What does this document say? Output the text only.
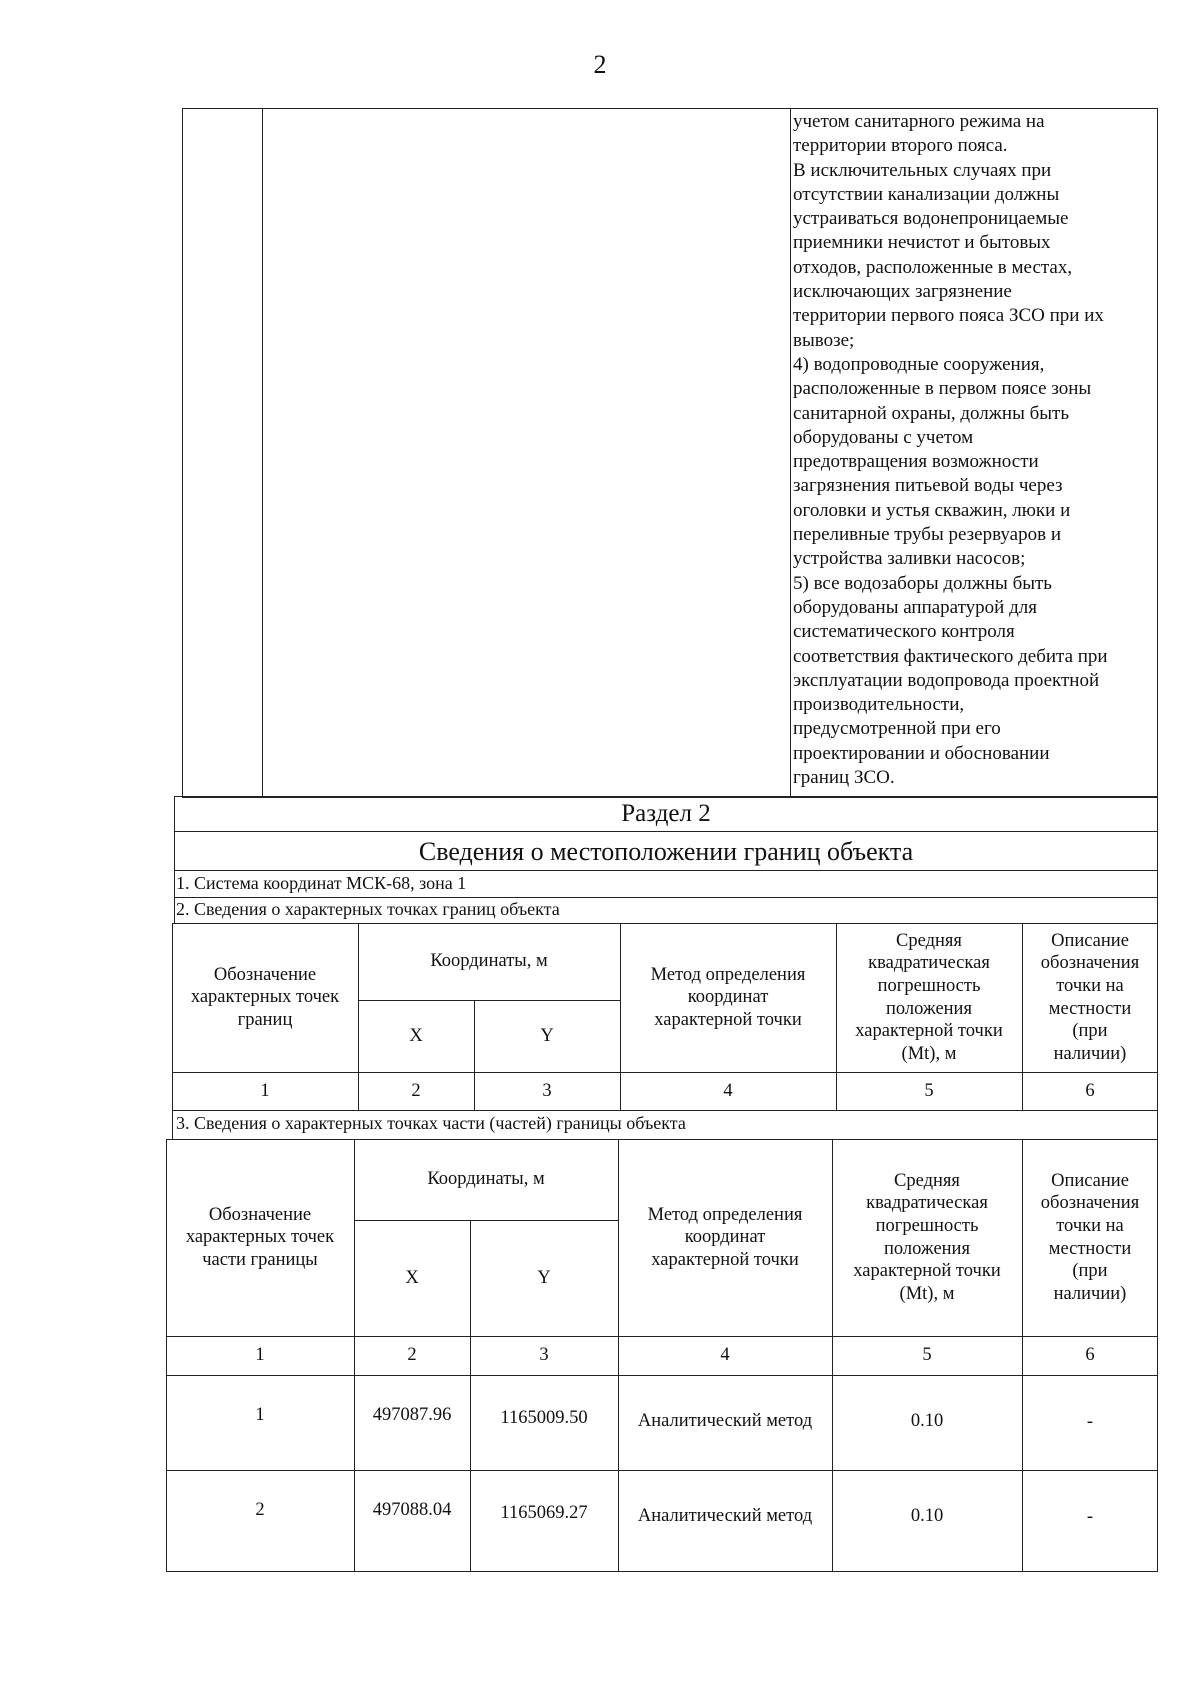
2
учетом санитарного режима на
территории второго пояса.
В исключительных случаях при
отсутствии канализации должны
устраиваться водонепроницаемые
приемники нечистот и бытовых
отходов, расположенные в местах,
исключающих загрязнение
территории первого пояса ЗСО при их
вывозе;
4) водопроводные сооружения,
расположенные в первом поясе зоны
санитарной охраны, должны быть
оборудованы с учетом
предотвращения возможности
загрязнения питьевой воды через
оголовки и устья скважин, люки и
переливные трубы резервуаров и
устройства заливки насосов;
5) все водозаборы должны быть
оборудованы аппаратурой для
систематического контроля
соответствия фактического дебита при
эксплуатации водопровода проектной
производительности,
предусмотренной при его
проектировании и обосновании
границ ЗСО.
Раздел 2
Сведения о местоположении границ объекта
1. Система координат МСК-68, зона 1
2. Сведения о характерных точках границ объекта
Обозначение
характерных точек
границ
Координаты, м
X	Y
Метод определения
координат
характерной точки
Средняя
квадратическая
погрешность
положения
характерной точки
(Mt), м
Описание
обозначения
точки на
местности
(при
наличии)
1	2	3	4	5	6
3. Сведения о характерных точках части (частей) границы объекта
Обозначение
характерных точек
части границы
Координаты, м
X	Y
Метод определения
координат
характерной точки
Средняя
квадратическая
погрешность
положения
характерной точки
(Mt), м
Описание
обозначения
точки на
местности
(при
наличии)
1	2	3	4	5	6
1	497087.96	1165009.50	Аналитический метод	0.10	-
2	497088.04	1165069.27	Аналитический метод	0.10	-
